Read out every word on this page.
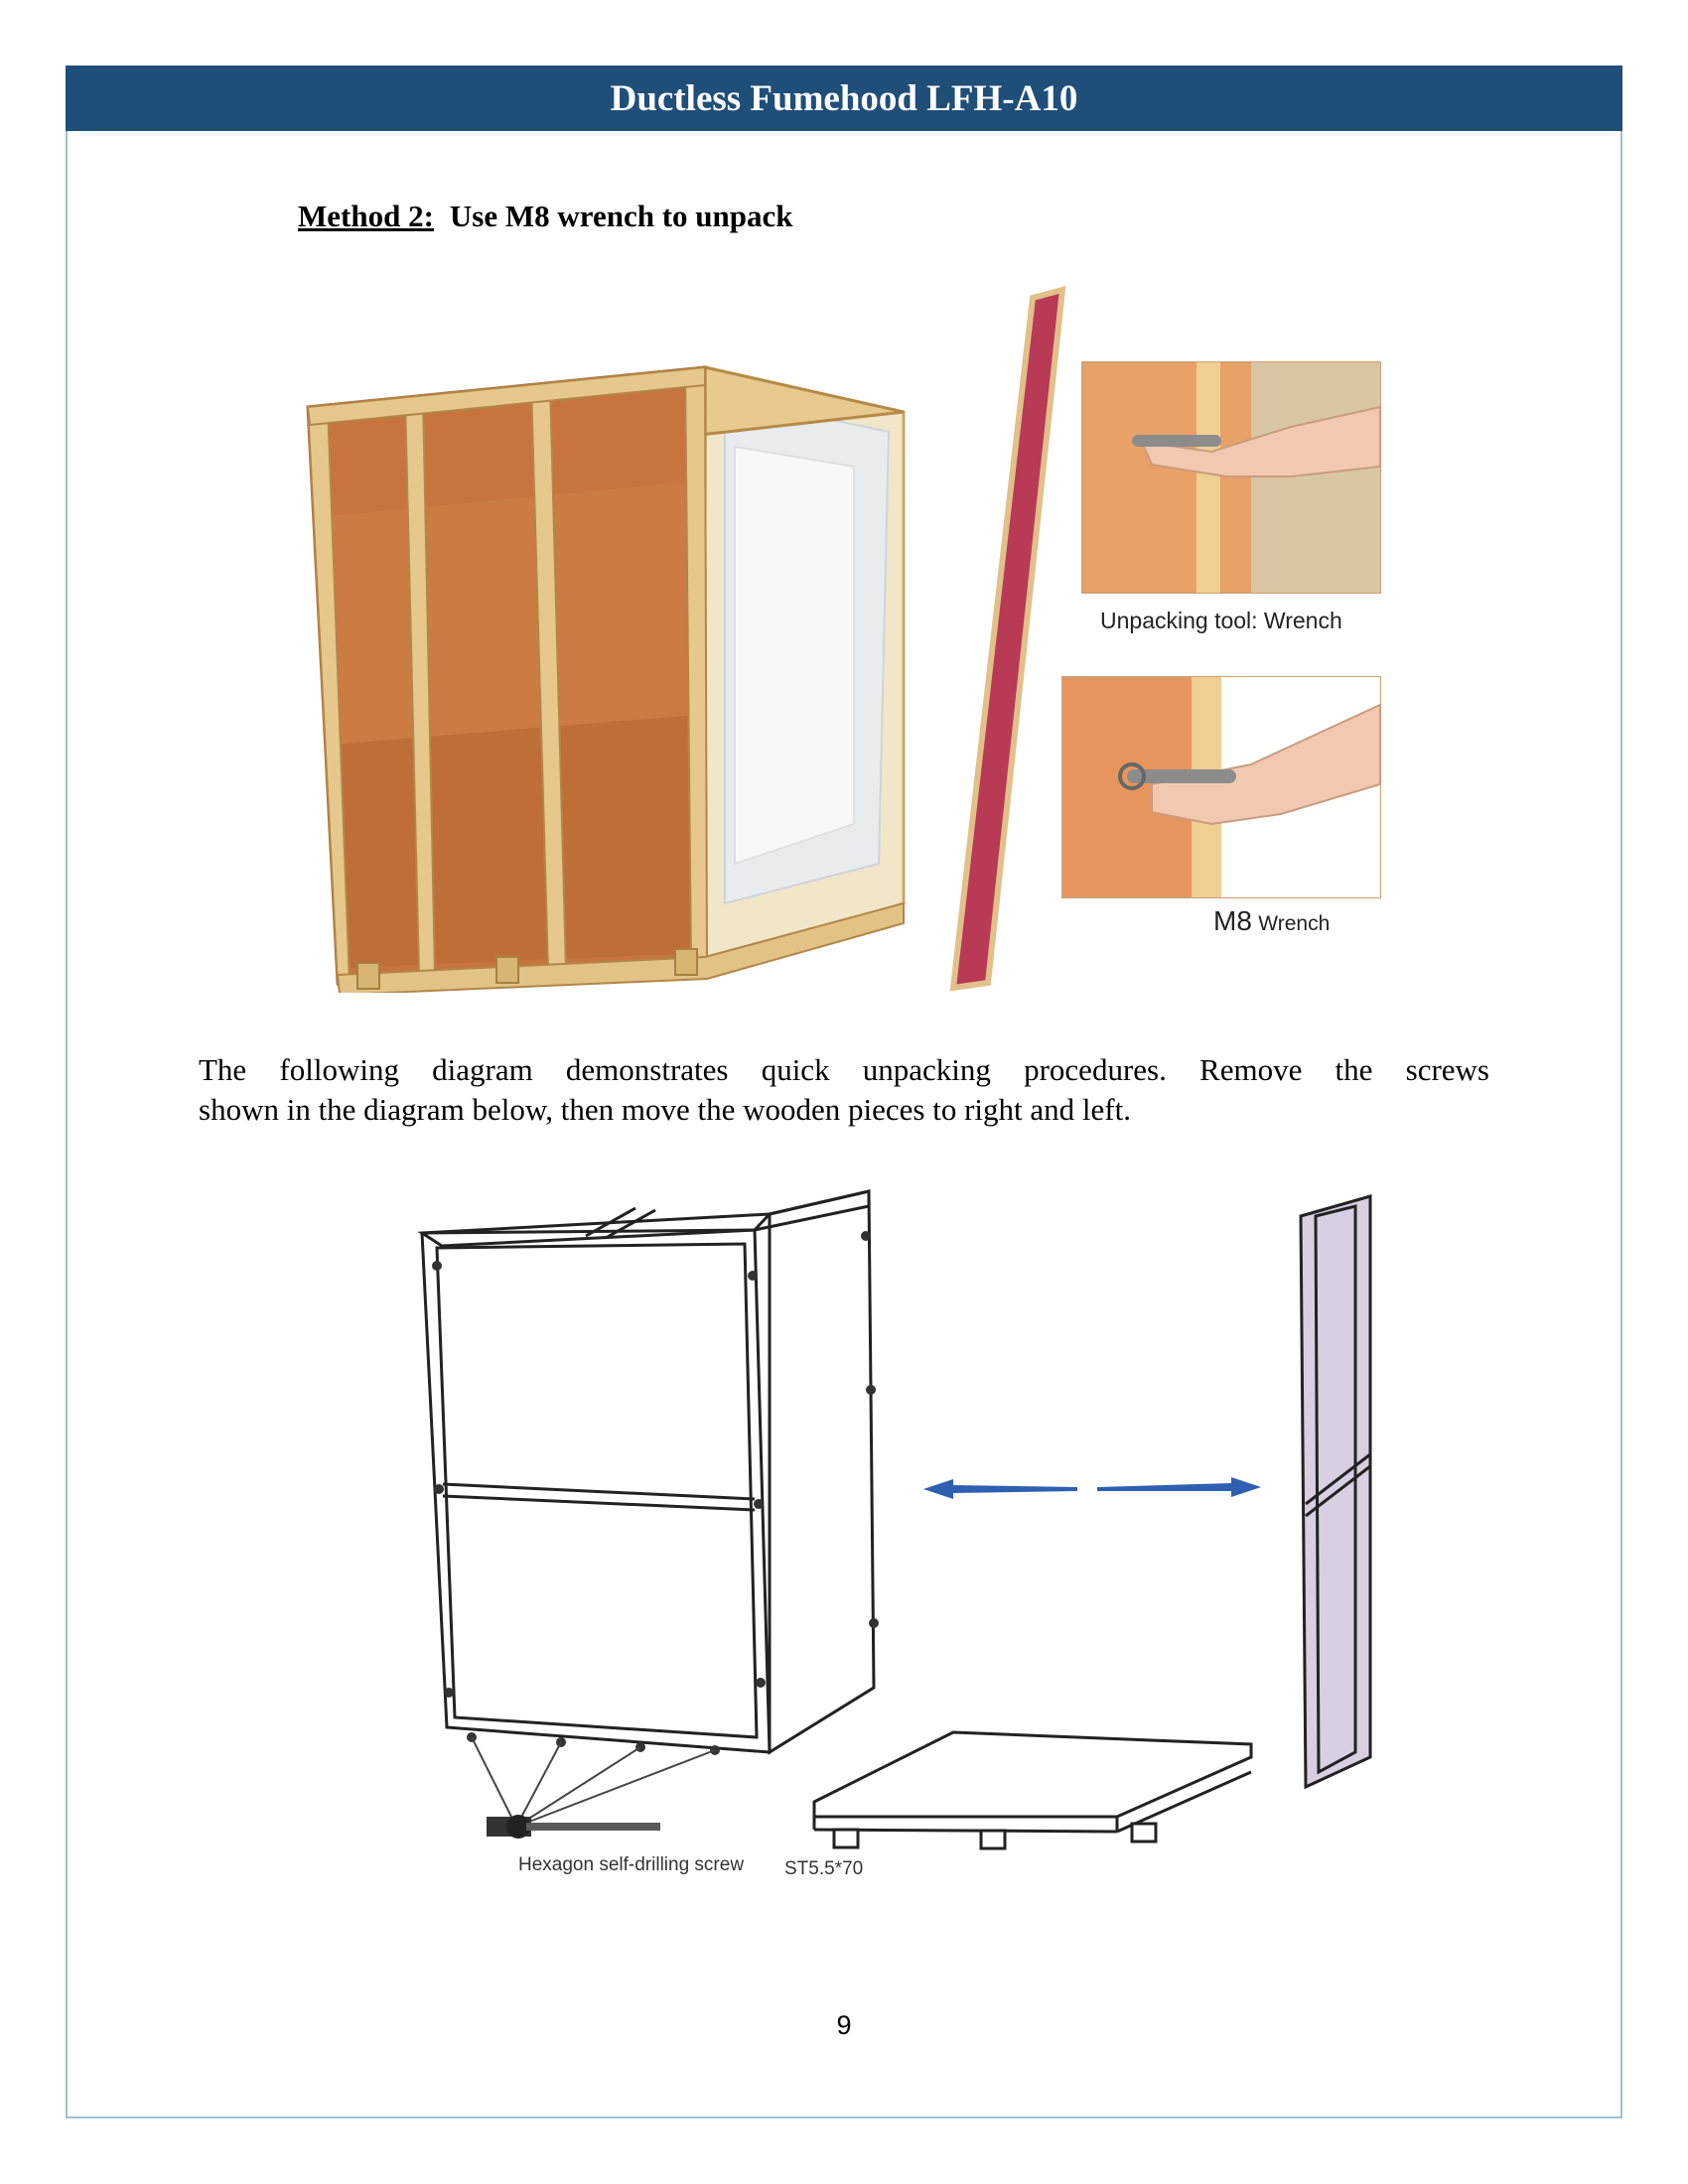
Ductless Fumehood LFH-A10
Method 2: Use M8 wrench to unpack
Unpacking tool: Wrench
M8 Wrench
The following diagram demonstrates quick unpacking procedures. Remove the screws
shown in the diagram below, then move the wooden pieces to right and left.
Hexagon self-drilling screw ST5.5*70
9
